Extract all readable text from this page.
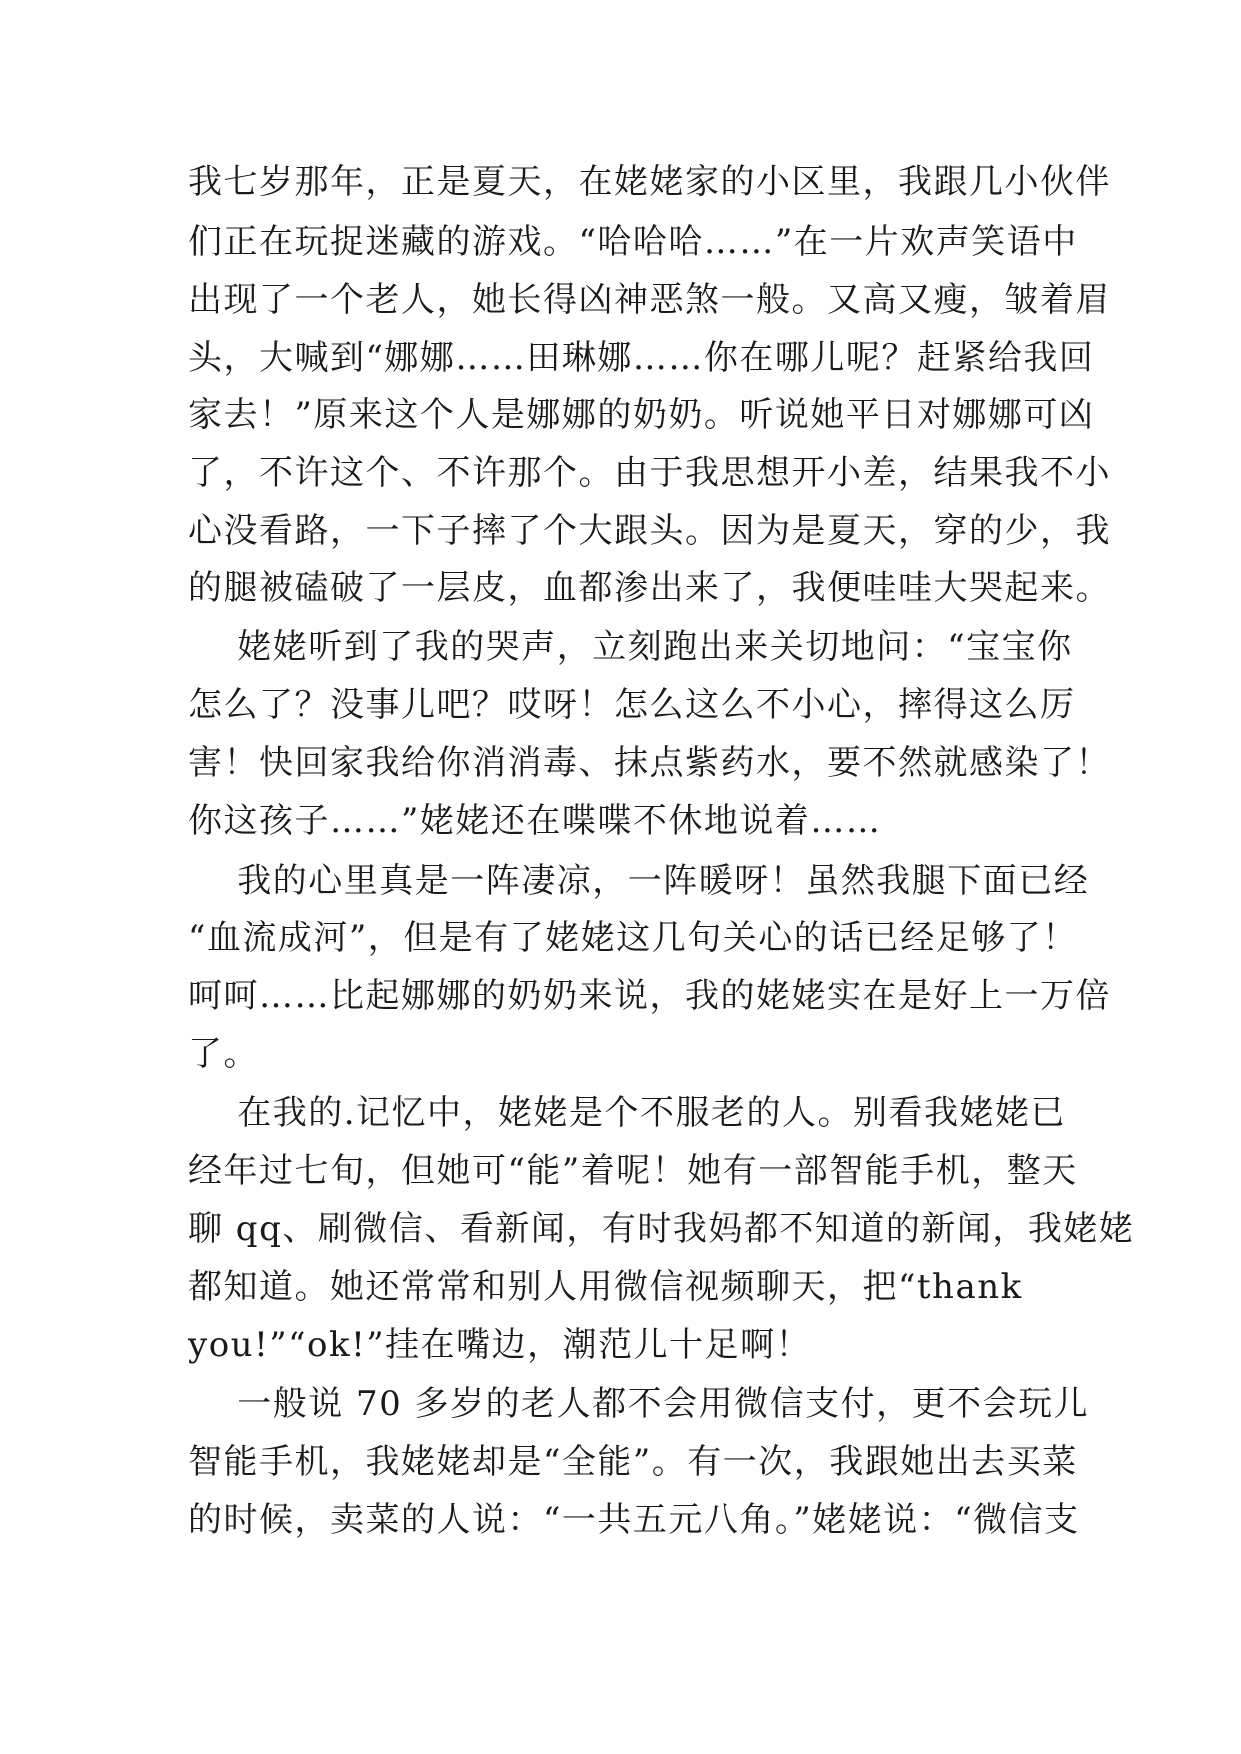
我七岁那年，正是夏天，在姥姥家的小区里，我跟几小伙伴
们正在玩捉迷藏的游戏。“哈哈哈……”在一片欢声笑语中
出现了一个老人，她长得凶神恶煞一般。又高又瘦，皱着眉
头，大喊到“娜娜……田琳娜……你在哪儿呢？赶紧给我回
家去！”原来这个人是娜娜的奶奶。听说她平日对娜娜可凶
了，不许这个、不许那个。由于我思想开小差，结果我不小
心没看路，一下子摔了个大跟头。因为是夏天，穿的少，我
的腿被磕破了一层皮，血都渗出来了，我便哇哇大哭起来。
姥姥听到了我的哭声，立刻跑出来关切地问：“宝宝你
怎么了？没事儿吧？哎呀！怎么这么不小心，摔得这么厉
害！快回家我给你消消毒、抹点紫药水，要不然就感染了！
你这孩子……”姥姥还在喋喋不休地说着……
我的心里真是一阵凄凉，一阵暖呀！虽然我腿下面已经
“血流成河”，但是有了姥姥这几句关心的话已经足够了！
呵呵……比起娜娜的奶奶来说，我的姥姥实在是好上一万倍
了。
在我的.记忆中，姥姥是个不服老的人。别看我姥姥已
经年过七旬，但她可“能”着呢！她有一部智能手机，整天
聊 qq、刷微信、看新闻，有时我妈都不知道的新闻，我姥姥
都知道。她还常常和别人用微信视频聊天，把“thank
you!”“ok!”挂在嘴边，潮范儿十足啊！
一般说 70 多岁的老人都不会用微信支付，更不会玩儿
智能手机，我姥姥却是“全能”。有一次，我跟她出去买菜
的时候，卖菜的人说：“一共五元八角。”姥姥说：“微信支
